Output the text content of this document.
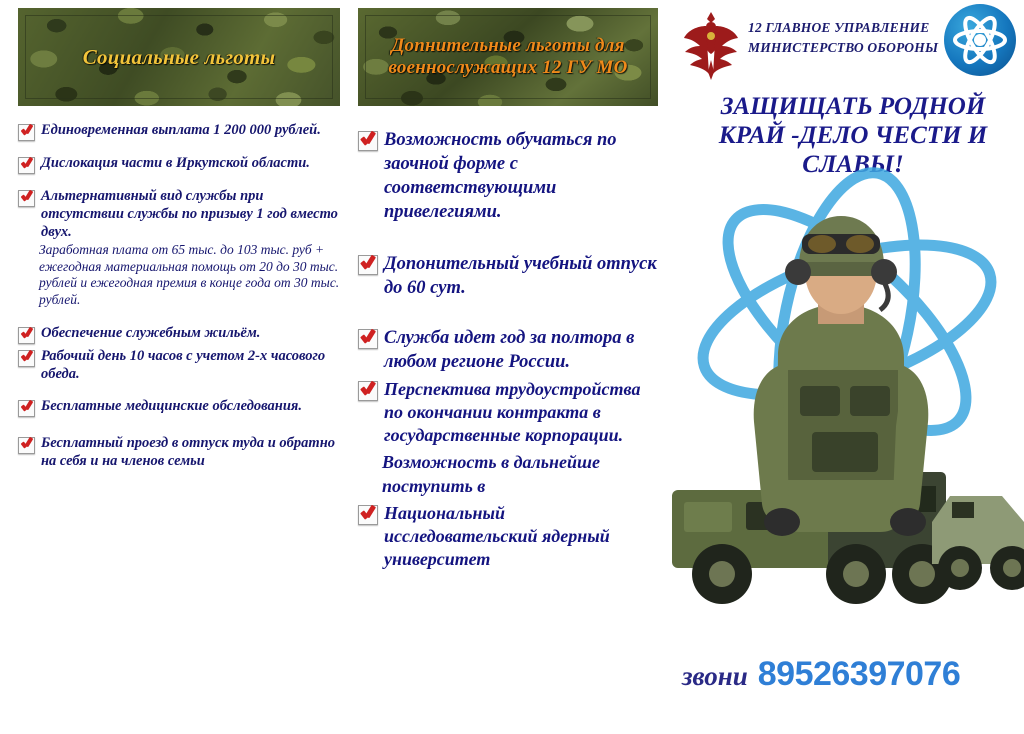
Социальные льготы
Единовременная выплата 1 200 000 рублей.
Дислокация части в Иркутской области.
Альтернативный вид службы при отсутствии службы по призыву 1 год вместо двух.
Заработная плата от 65 тыс. до 103 тыс. руб + ежегодная материальная помощь от 20 до 30 тыс. рублей и ежегодная премия в конце года от 30 тыс. рублей.
Обеспечение служебным жильём.
Рабочий день 10 часов с учетом 2-х часового обеда.
Бесплатные медицинские обследования.
Бесплатный проезд в отпуск туда и обратно на себя и на членов семьи
Допнительные льготы для военнослужащих 12 ГУ МО
Возможность обучаться по заочной форме с соответствующими привелегиями.
Допонительный учебный отпуск до 60 сут.
Служба идет год за полтора в любом регионе России.
Перспектива трудоустройства по окончании контракта в государственные корпорации.
Возможность в дальнейше поступить в
Национальный исследовательский ядерный университет
12 ГЛАВНОЕ УПРАВЛЕНИЕ МИНИСТЕРСТВО ОБОРОНЫ
ЗАЩИЩАТЬ РОДНОЙ КРАЙ -ДЕЛО ЧЕСТИ И СЛАВЫ!
звони 89526397076
